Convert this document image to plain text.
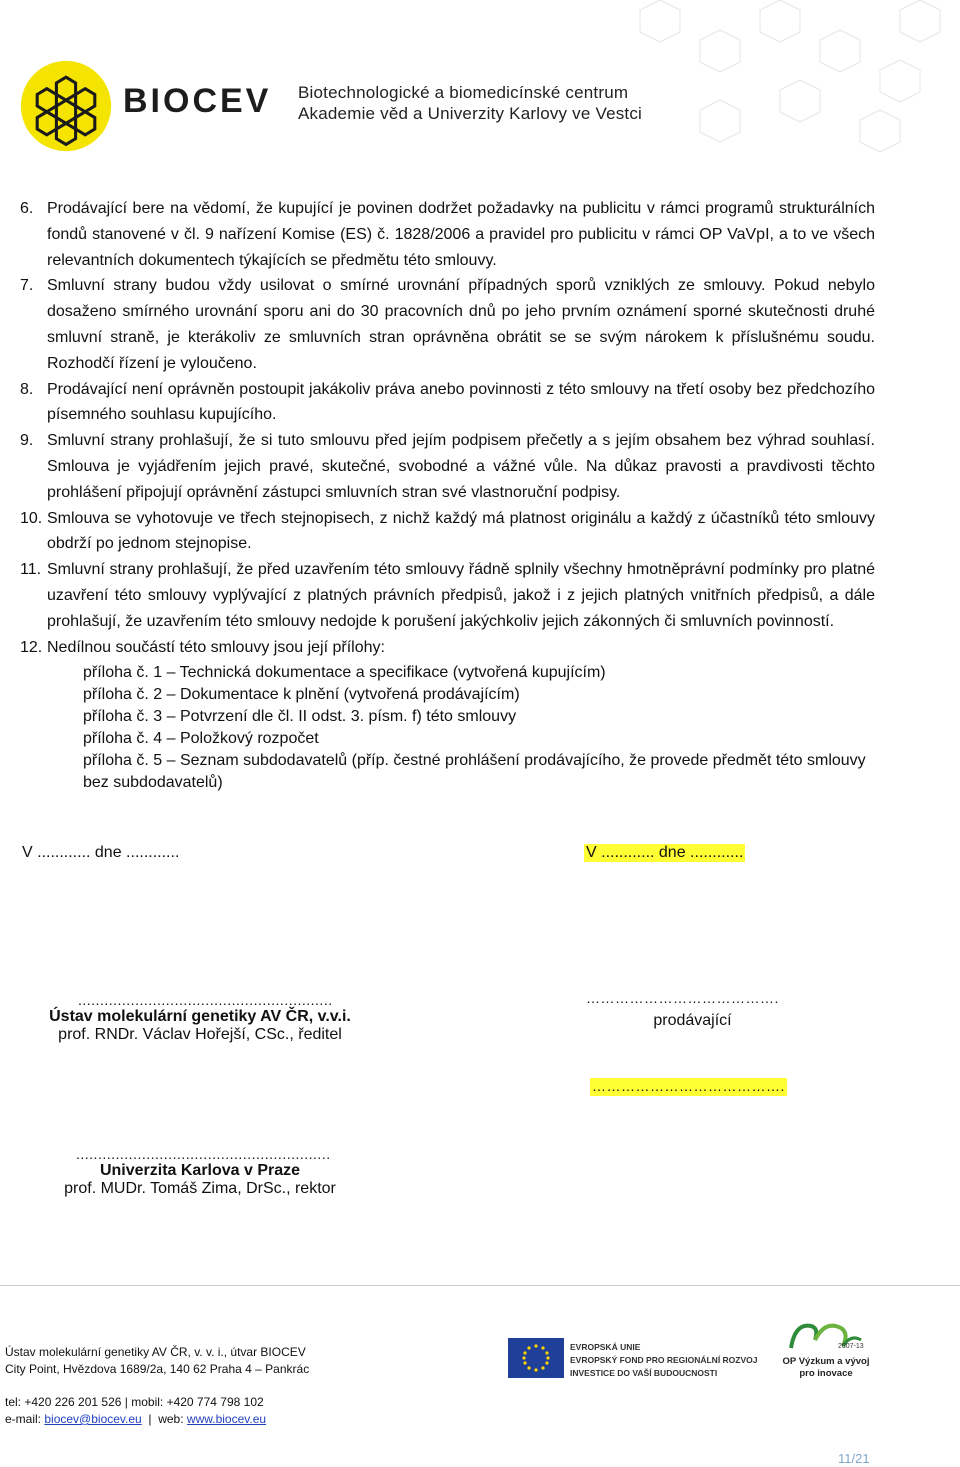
BIOCEV Biotechnologické a biomedicínské centrum
Akademie věd a Univerzity Karlovy ve Vestci
6. Prodávající bere na vědomí, že kupující je povinen dodržet požadavky na publicitu v rámci programů strukturálních fondů stanovené v čl. 9 nařízení Komise (ES) č. 1828/2006 a pravidel pro publicitu v rámci OP VaVpI, a to ve všech relevantních dokumentech týkajících se předmětu této smlouvy.
7. Smluvní strany budou vždy usilovat o smírné urovnání případných sporů vzniklých ze smlouvy. Pokud nebylo dosaženo smírného urovnání sporu ani do 30 pracovních dnů po jeho prvním oznámení sporné skutečnosti druhé smluvní straně, je kterákoliv ze smluvních stran oprávněna obrátit se se svým nárokem k příslušnému soudu. Rozhodčí řízení je vyloučeno.
8. Prodávající není oprávněn postoupit jakákoliv práva anebo povinnosti z této smlouvy na třetí osoby bez předchozího písemného souhlasu kupujícího.
9. Smluvní strany prohlašují, že si tuto smlouvu před jejím podpisem přečetly a s jejím obsahem bez výhrad souhlasí. Smlouva je vyjádřením jejich pravé, skutečné, svobodné a vážné vůle. Na důkaz pravosti a pravdivosti těchto prohlášení připojují oprávnění zástupci smluvních stran své vlastnoruční podpisy.
10. Smlouva se vyhotovuje ve třech stejnopisech, z nichž každý má platnost originálu a každý z účastníků této smlouvy obdrží po jednom stejnopise.
11. Smluvní strany prohlašují, že před uzavřením této smlouvy řádně splnily všechny hmotněprávní podmínky pro platné uzavření této smlouvy vyplývající z platných právních předpisů, jakož i z jejich platných vnitřních předpisů, a dále prohlašují, že uzavřením této smlouvy nedojde k porušení jakýchkoliv jejich zákonných či smluvních povinností.
12. Nedílnou součástí této smlouvy jsou její přílohy:
příloha č. 1 – Technická dokumentace a specifikace (vytvořená kupujícím)
příloha č. 2 – Dokumentace k plnění (vytvořená prodávajícím)
příloha č. 3 – Potvrzení dle čl. II odst. 3. písm. f) této smlouvy
příloha č. 4 – Položkový rozpočet
příloha č. 5 – Seznam subdodavatelů (příp. čestné prohlášení prodávajícího, že provede předmět této smlouvy
bez subdodavatelů)
V ............ dne ............	V ............ dne ............
..........................................................
Ústav molekulární genetiky AV ČR, v.v.i.
prof. RNDr. Václav Hořejší, CSc., ředitel
………………………………….
prodávající
………………………………….
..........................................................
Univerzita Karlova v Praze
prof. MUDr. Tomáš Zima, DrSc., rektor
Ústav molekulární genetiky AV ČR, v. v. i., útvar BIOCEV
City Point, Hvězdova 1689/2a, 140 62 Praha 4 – Pankrác
tel: +420 226 201 526 | mobil: +420 774 798 102
e-mail: biocev@biocev.eu  |  web: www.biocev.eu
EVROPSKÁ UNIE
EVROPSKÝ FOND PRO REGIONÁLNÍ ROZVOJ
INVESTICE DO VAŠÍ BUDOUCNOSTI
2007-13
OP Výzkum a vývoj
pro inovace
11/21
